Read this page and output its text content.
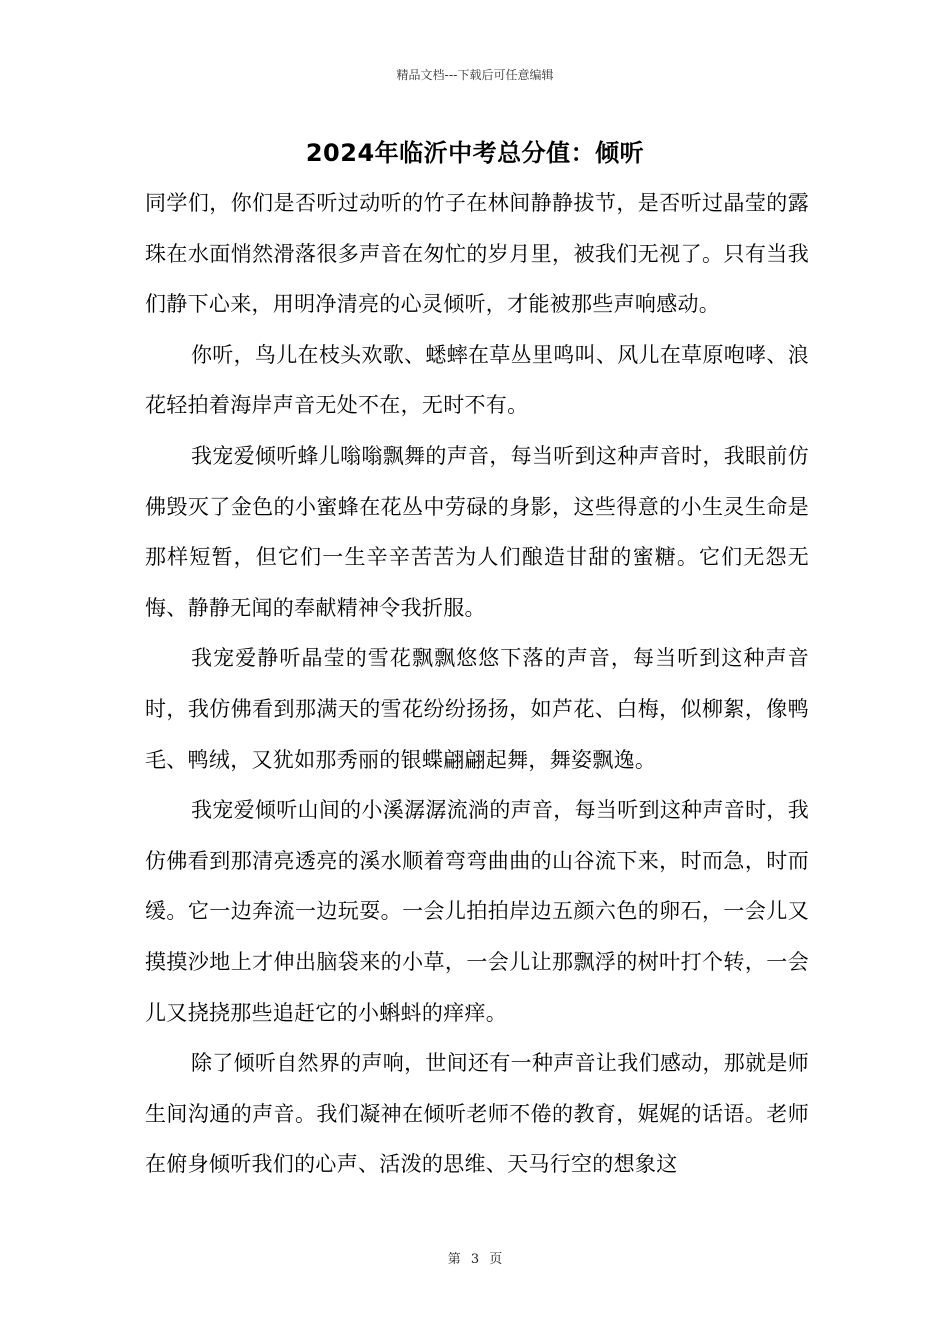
精品文档---下载后可任意编辑
2024年临沂中考总分值：倾听

同学们，你们是否听过动听的竹子在林间静静拔节，是否听过晶莹的露珠在水面悄然滑落很多声音在匆忙的岁月里，被我们无视了。只有当我们静下心来，用明净清亮的心灵倾听，才能被那些声响感动。

你听，鸟儿在枝头欢歌、蟋蟀在草丛里鸣叫、风儿在草原咆哮、浪花轻拍着海岸声音无处不在，无时不有。

我宠爱倾听蜂儿嗡嗡飘舞的声音，每当听到这种声音时，我眼前仿佛毁灭了金色的小蜜蜂在花丛中劳碌的身影，这些得意的小生灵生命是那样短暂，但它们一生辛辛苦苦为人们酿造甘甜的蜜糖。它们无怨无悔、静静无闻的奉献精神令我折服。

我宠爱静听晶莹的雪花飘飘悠悠下落的声音，每当听到这种声音时，我仿佛看到那满天的雪花纷纷扬扬，如芦花、白梅，似柳絮，像鸭毛、鸭绒，又犹如那秀丽的银蝶翩翩起舞，舞姿飘逸。

我宠爱倾听山间的小溪潺潺流淌的声音，每当听到这种声音时，我仿佛看到那清亮透亮的溪水顺着弯弯曲曲的山谷流下来，时而急，时而缓。它一边奔流一边玩耍。一会儿拍拍岸边五颜六色的卵石，一会儿又摸摸沙地上才伸出脑袋来的小草，一会儿让那飘浮的树叶打个转，一会儿又挠挠那些追赶它的小蝌蚪的痒痒。

除了倾听自然界的声响，世间还有一种声音让我们感动，那就是师生间沟通的声音。我们凝神在倾听老师不倦的教育，娓娓的话语。老师在俯身倾听我们的心声、活泼的思维、天马行空的想象这

第 3 页
